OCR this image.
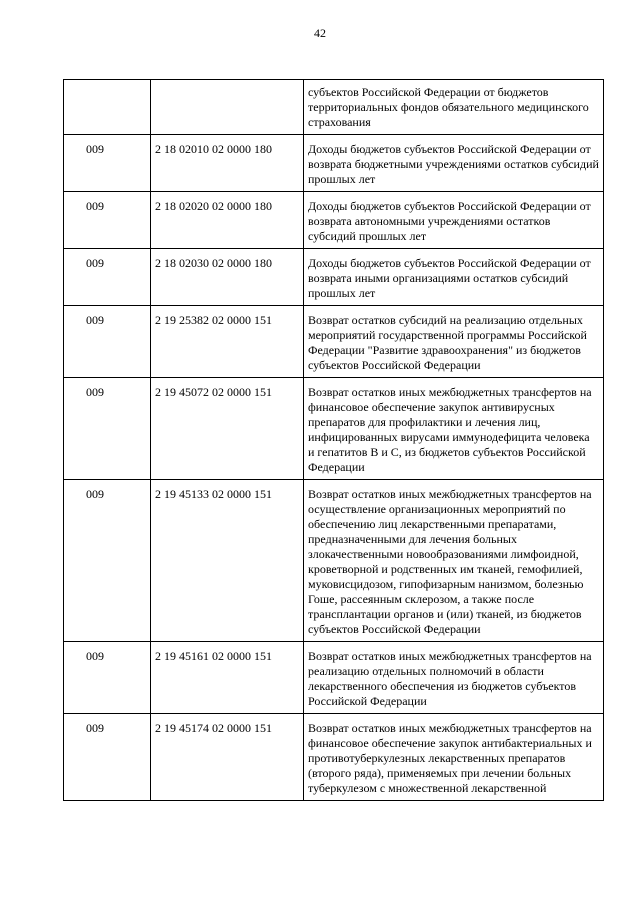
42
		субъектов Российской Федерации от бюджетов территориальных фондов обязательного медицинского страхования
009	2 18 02010 02 0000 180	Доходы бюджетов субъектов Российской Федерации от возврата бюджетными учреждениями остатков субсидий прошлых лет
009	2 18 02020 02 0000 180	Доходы бюджетов субъектов Российской Федерации от возврата автономными учреждениями остатков субсидий прошлых лет
009	2 18 02030 02 0000 180	Доходы бюджетов субъектов Российской Федерации от возврата иными организациями остатков субсидий прошлых лет
009	2 19 25382 02 0000 151	Возврат остатков субсидий на реализацию отдельных мероприятий государственной программы Российской Федерации "Развитие здравоохранения" из бюджетов субъектов Российской Федерации
009	2 19 45072 02 0000 151	Возврат остатков иных межбюджетных трансфертов на финансовое обеспечение закупок антивирусных препаратов для профилактики и лечения лиц, инфицированных вирусами иммунодефицита человека и гепатитов B и C, из бюджетов субъектов Российской Федерации
009	2 19 45133 02 0000 151	Возврат остатков иных межбюджетных трансфертов на осуществление организационных мероприятий по обеспечению лиц лекарственными препаратами, предназначенными для лечения больных злокачественными новообразованиями лимфоидной, кроветворной и родственных им тканей, гемофилией, муковисцидозом, гипофизарным нанизмом, болезнью Гоше, рассеянным склерозом, а также после трансплантации органов и (или) тканей, из бюджетов субъектов Российской Федерации
009	2 19 45161 02 0000 151	Возврат остатков иных межбюджетных трансфертов на реализацию отдельных полномочий в области лекарственного обеспечения из бюджетов субъектов Российской Федерации
009	2 19 45174 02 0000 151	Возврат остатков иных межбюджетных трансфертов на финансовое обеспечение закупок антибактериальных и противотуберкулезных лекарственных препаратов (второго ряда), применяемых при лечении больных туберкулезом с множественной лекарственной
